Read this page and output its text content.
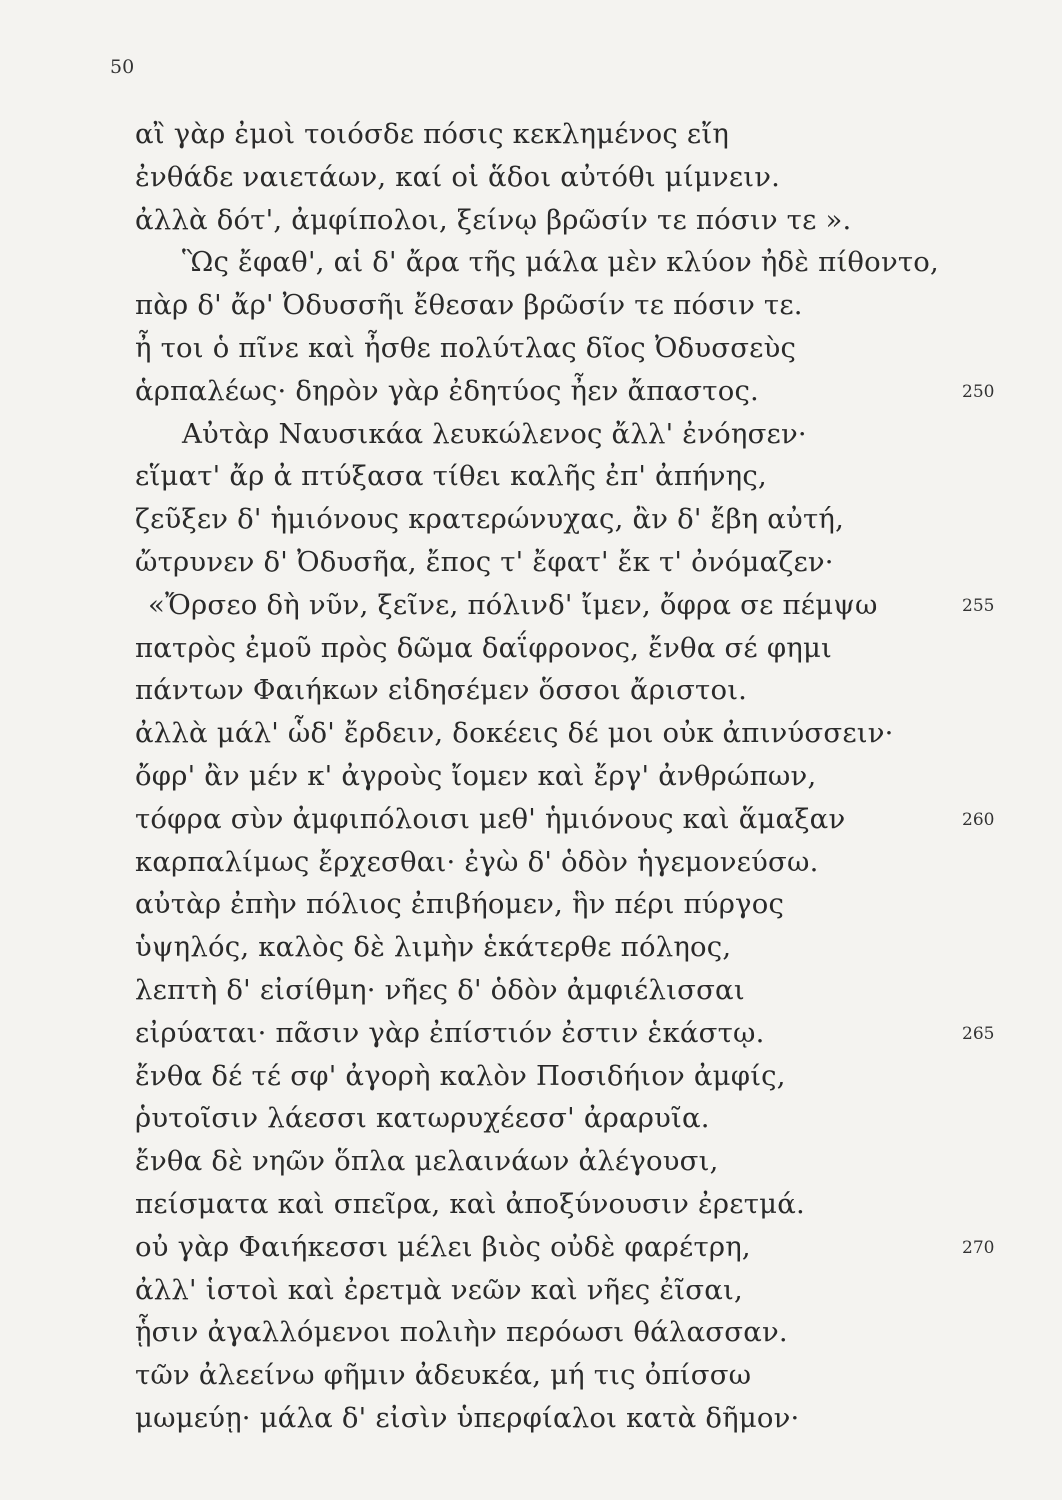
50
αἲ γὰρ ἐμοὶ τοιόσδε πόσις κεκλημένος εἴη
ἐνθάδε ναιετάων, καί οἱ ἅδοι αὐτόθι μίμνειν.
ἀλλὰ δότ', ἀμφίπολοι, ξείνῳ βρῶσίν τε πόσιν τε ».
Ὣς ἔφαθ', αἱ δ' ἄρα τῆς μάλα μὲν κλύον ἠδὲ πίθοντο,
πὰρ δ' ἄρ' Ὀδυσσῆι ἔθεσαν βρῶσίν τε πόσιν τε.
ἦ τοι ὁ πῖνε καὶ ἦσθε πολύτλας δῖος Ὀδυσσεὺς
ἁρπαλέως· δηρὸν γὰρ ἐδητύος ἦεν ἄπαστος.	250
Αὐτὰρ Ναυσικάα λευκώλενος ἄλλ' ἐνόησεν·
εἵματ' ἄρ ἀ πτύξασα τίθει καλῆς ἐπ' ἀπήνης,
ζεῦξεν δ' ἡμιόνους κρατερώνυχας, ἂν δ' ἔβη αὐτή,
ὤτρυνεν δ' Ὀδυσῆα, ἔπος τ' ἔφατ' ἔκ τ' ὀνόμαζεν·
«Ὄρσεο δὴ νῦν, ξεῖνε, πόλινδ' ἴμεν, ὄφρα σε πέμψω	255
πατρὸς ἐμοῦ πρὸς δῶμα δαΐφρονος, ἔνθα σέ φημι
πάντων Φαιήκων εἰδησέμεν ὅσσοι ἄριστοι.
ἀλλὰ μάλ' ὧδ' ἔρδειν, δοκέεις δέ μοι οὐκ ἀπινύσσειν·
ὄφρ' ἂν μέν κ' ἀγροὺς ἴομεν καὶ ἔργ' ἀνθρώπων,
τόφρα σὺν ἀμφιπόλοισι μεθ' ἡμιόνους καὶ ἅμαξαν	260
καρπαλίμως ἔρχεσθαι· ἐγὼ δ' ὁδὸν ἡγεμονεύσω.
αὐτὰρ ἐπὴν πόλιος ἐπιβήομεν, ἣν πέρι πύργος
ὑψηλός, καλὸς δὲ λιμὴν ἑκάτερθε πόληος,
λεπτὴ δ' εἰσίθμη· νῆες δ' ὁδὸν ἀμφιέλισσαι
εἰρύαται· πᾶσιν γὰρ ἐπίστιόν ἐστιν ἑκάστῳ.	265
ἔνθα δέ τέ σφ' ἀγορὴ καλὸν Ποσιδήιον ἀμφίς,
ῥυτοῖσιν λάεσσι κατωρυχέεσσ' ἀραρυῖα.
ἔνθα δὲ νηῶν ὅπλα μελαινάων ἀλέγουσι,
πείσματα καὶ σπεῖρα, καὶ ἀποξύνουσιν ἐρετμά.
οὐ γὰρ Φαιήκεσσι μέλει βιὸς οὐδὲ φαρέτρη,	270
ἀλλ' ἱστοὶ καὶ ἐρετμὰ νεῶν καὶ νῆες ἐῖσαι,
ᾗσιν ἀγαλλόμενοι πολιὴν περόωσι θάλασσαν.
τῶν ἀλεείνω φῆμιν ἀδευκέα, μή τις ὀπίσσω
μωμεύῃ· μάλα δ' εἰσὶν ὑπερφίαλοι κατὰ δῆμον·
